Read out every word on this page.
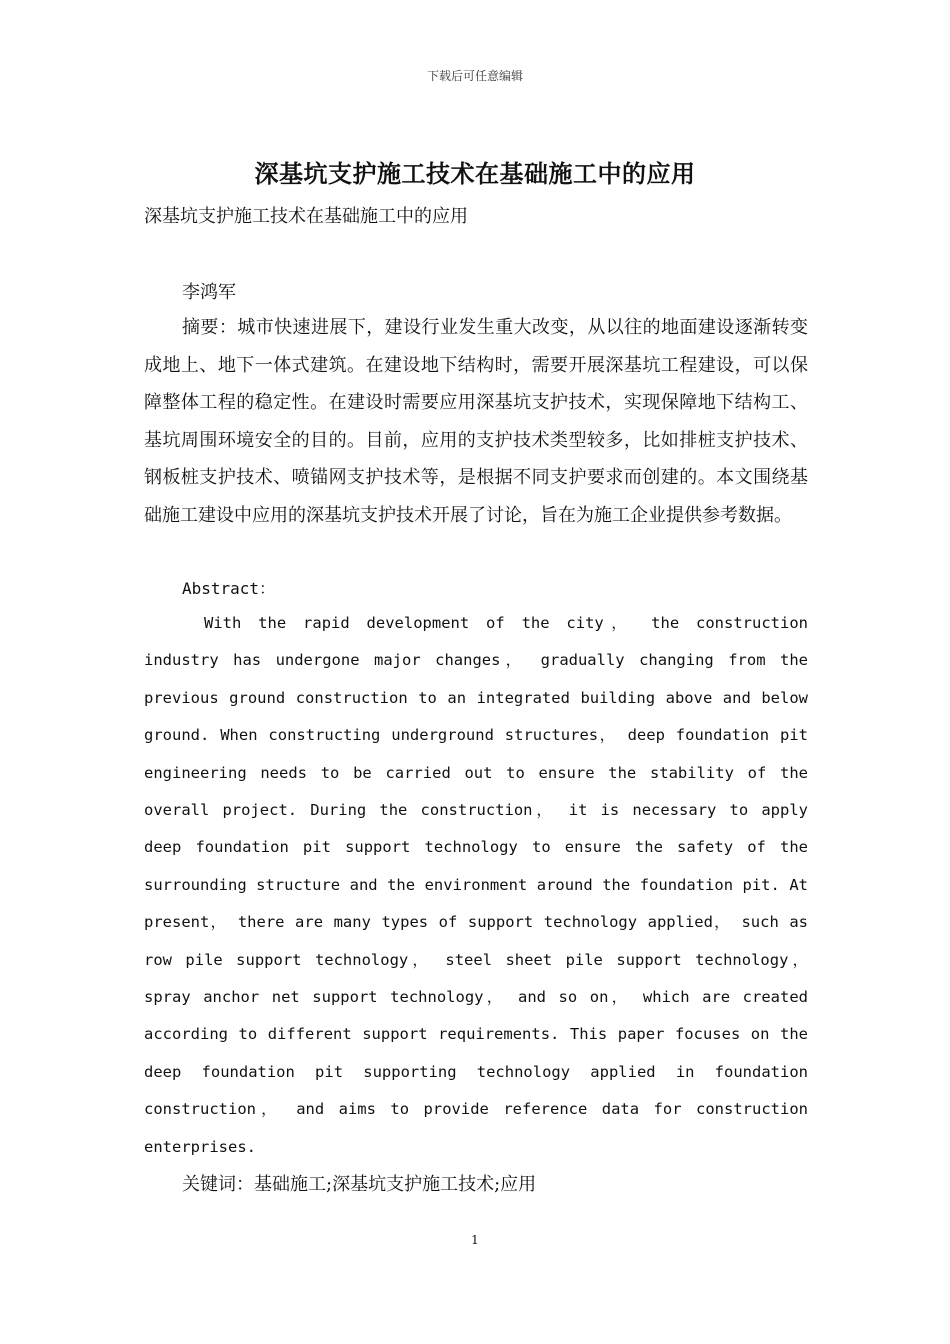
下载后可任意编辑
深基坑支护施工技术在基础施工中的应用
深基坑支护施工技术在基础施工中的应用
李鸿军

摘要：城市快速进展下，建设行业发生重大改变，从以往的地面建设逐渐转变成地上、地下一体式建筑。在建设地下结构时，需要开展深基坑工程建设，可以保障整体工程的稳定性。在建设时需要应用深基坑支护技术，实现保障地下结构工、基坑周围环境安全的目的。目前，应用的支护技术类型较多，比如排桩支护技术、钢板桩支护技术、喷锚网支护技术等，是根据不同支护要求而创建的。本文围绕基础施工建设中应用的深基坑支护技术开展了讨论，旨在为施工企业提供参考数据。

Abstract：

With the rapid development of the city， the construction industry has undergone major changes， gradually changing from the previous ground construction to an integrated building above and below ground. When constructing underground structures， deep foundation pit engineering needs to be carried out to ensure the stability of the overall project. During the construction， it is necessary to apply deep foundation pit support technology to ensure the safety of the surrounding structure and the environment around the foundation pit. At present， there are many types of support technology applied， such as row pile support technology， steel sheet pile support technology， spray anchor net support technology， and so on， which are created according to different support requirements. This paper focuses on the deep foundation pit supporting technology applied in foundation construction， and aims to provide reference data for construction enterprises.

关键词：基础施工;深基坑支护施工技术;应用
1
